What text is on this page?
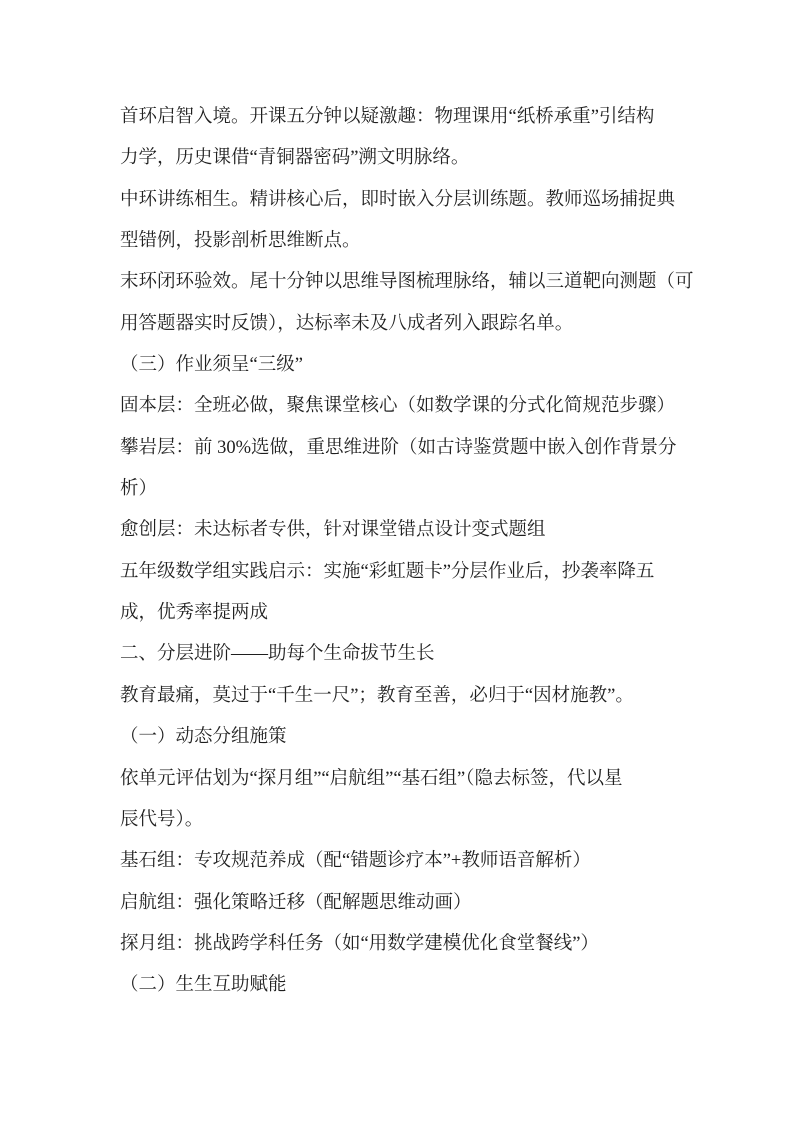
首环启智入境。开课五分钟以疑激趣：物理课用“纸桥承重”引结构
力学，历史课借“青铜器密码”溯文明脉络。
中环讲练相生。精讲核心后，即时嵌入分层训练题。教师巡场捕捉典
型错例，投影剖析思维断点。
末环闭环验效。尾十分钟以思维导图梳理脉络，辅以三道靶向测题（可
用答题器实时反馈），达标率未及八成者列入跟踪名单。
（三）作业须呈“三级”
固本层：全班必做，聚焦课堂核心（如数学课的分式化简规范步骤）
攀岩层：前 30%选做，重思维进阶（如古诗鉴赏题中嵌入创作背景分
析）
愈创层：未达标者专供，针对课堂错点设计变式题组
五年级数学组实践启示：实施“彩虹题卡”分层作业后，抄袭率降五
成，优秀率提两成
二、分层进阶——助每个生命拔节生长
教育最痛，莫过于“千生一尺”；教育至善，必归于“因材施教”。
（一）动态分组施策
依单元评估划为“探月组”“启航组”“基石组”（隐去标签，代以星
辰代号）。
基石组：专攻规范养成（配“错题诊疗本”+教师语音解析）
启航组：强化策略迁移（配解题思维动画）
探月组：挑战跨学科任务（如“用数学建模优化食堂餐线”）
（二）生生互助赋能
